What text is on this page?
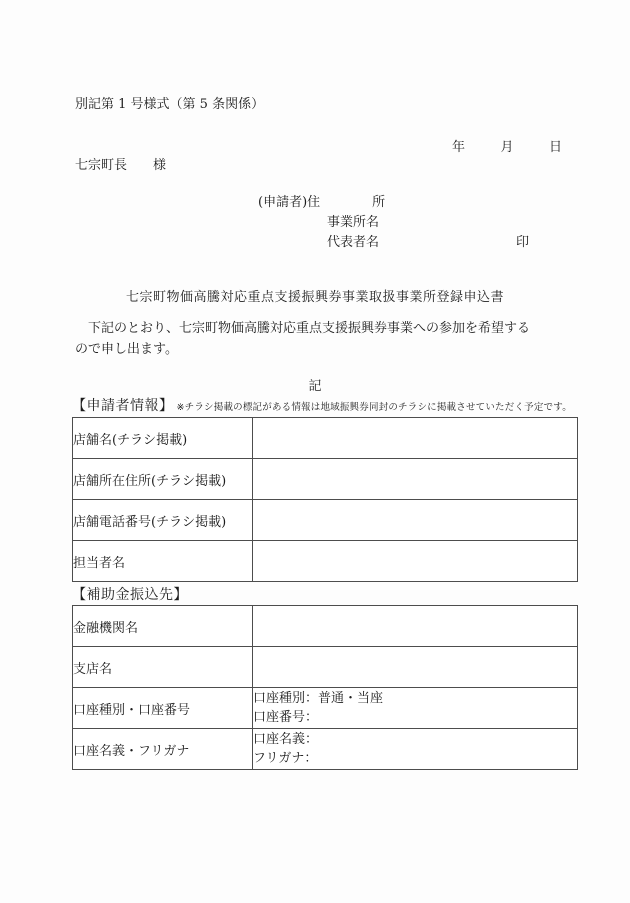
別記第 1 号様式（第 5 条関係）
年	月	日
七宗町長　　様
(申請者)住　　　　所
事業所名
代表者名	印
七宗町物価高騰対応重点支援振興券事業取扱事業所登録申込書
　下記のとおり、七宗町物価高騰対応重点支援振興券事業への参加を希望する
ので申し出ます。
記
【申請者情報】 ※チラシ掲載の標記がある情報は地域振興券同封のチラシに掲載させていただく予定です。
店舗名(チラシ掲載)	
店舗所在住所(チラシ掲載)	
店舗電話番号(チラシ掲載)	
担当者名	
【補助金振込先】
金融機関名	
支店名	
口座種別・口座番号	口座種別：普通・当座
口座番号：

口座名義・フリガナ	口座名義：
フリガナ：
